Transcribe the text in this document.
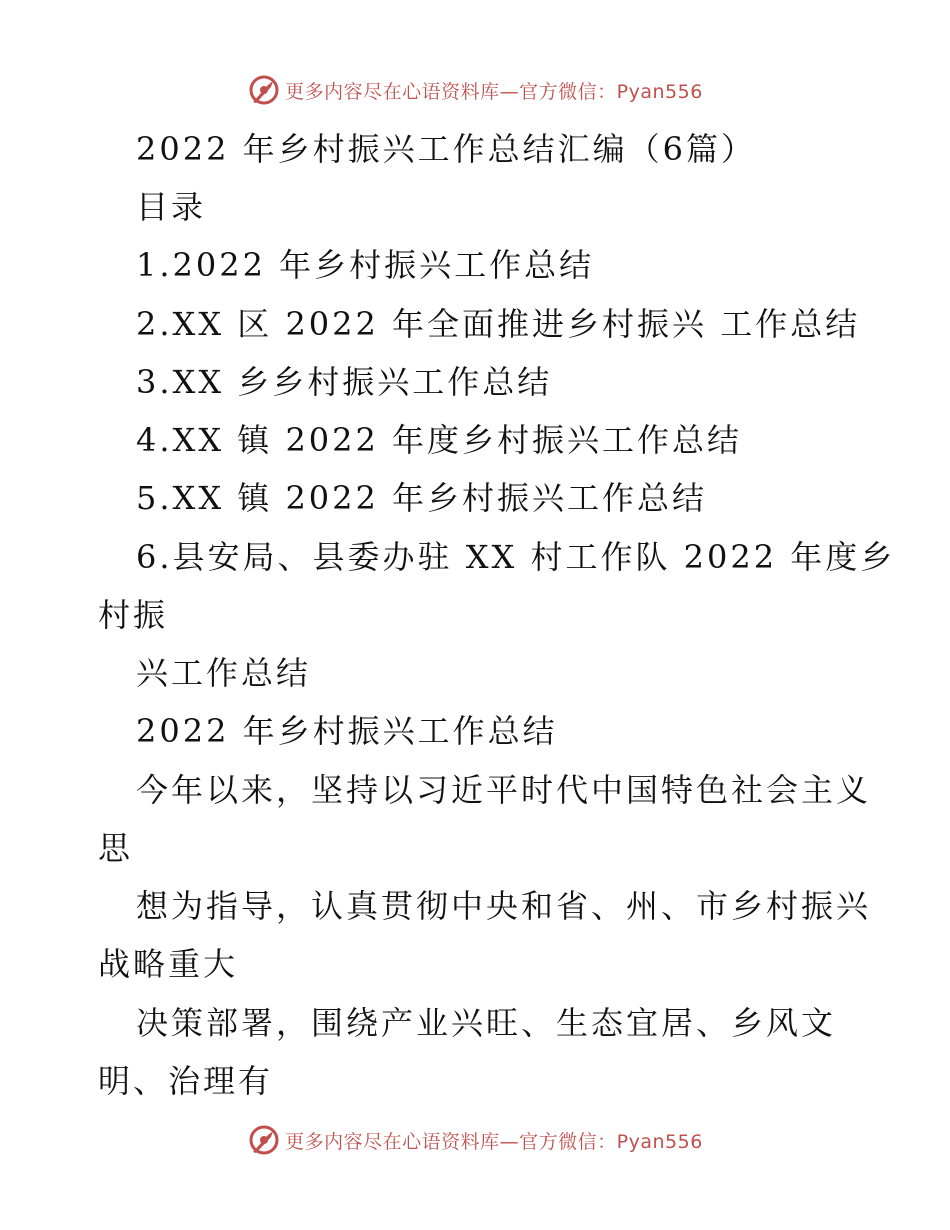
更多内容尽在心语资料库—官方微信：Pyan556
2022 年乡村振兴工作总结汇编（6篇）
目录
1.2022 年乡村振兴工作总结
2.XX 区 2022 年全面推进乡村振兴 工作总结
3.XX 乡乡村振兴工作总结
4.XX 镇 2022 年度乡村振兴工作总结
5.XX 镇 2022 年乡村振兴工作总结
6.县安局、县委办驻 XX 村工作队 2022 年度乡
村振
兴工作总结
2022 年乡村振兴工作总结
今年以来，坚持以习近平时代中国特色社会主义
思
想为指导，认真贯彻中央和省、州、市乡村振兴
战略重大
决策部署，围绕产业兴旺、生态宜居、乡风文
明、治理有
更多内容尽在心语资料库—官方微信：Pyan556
